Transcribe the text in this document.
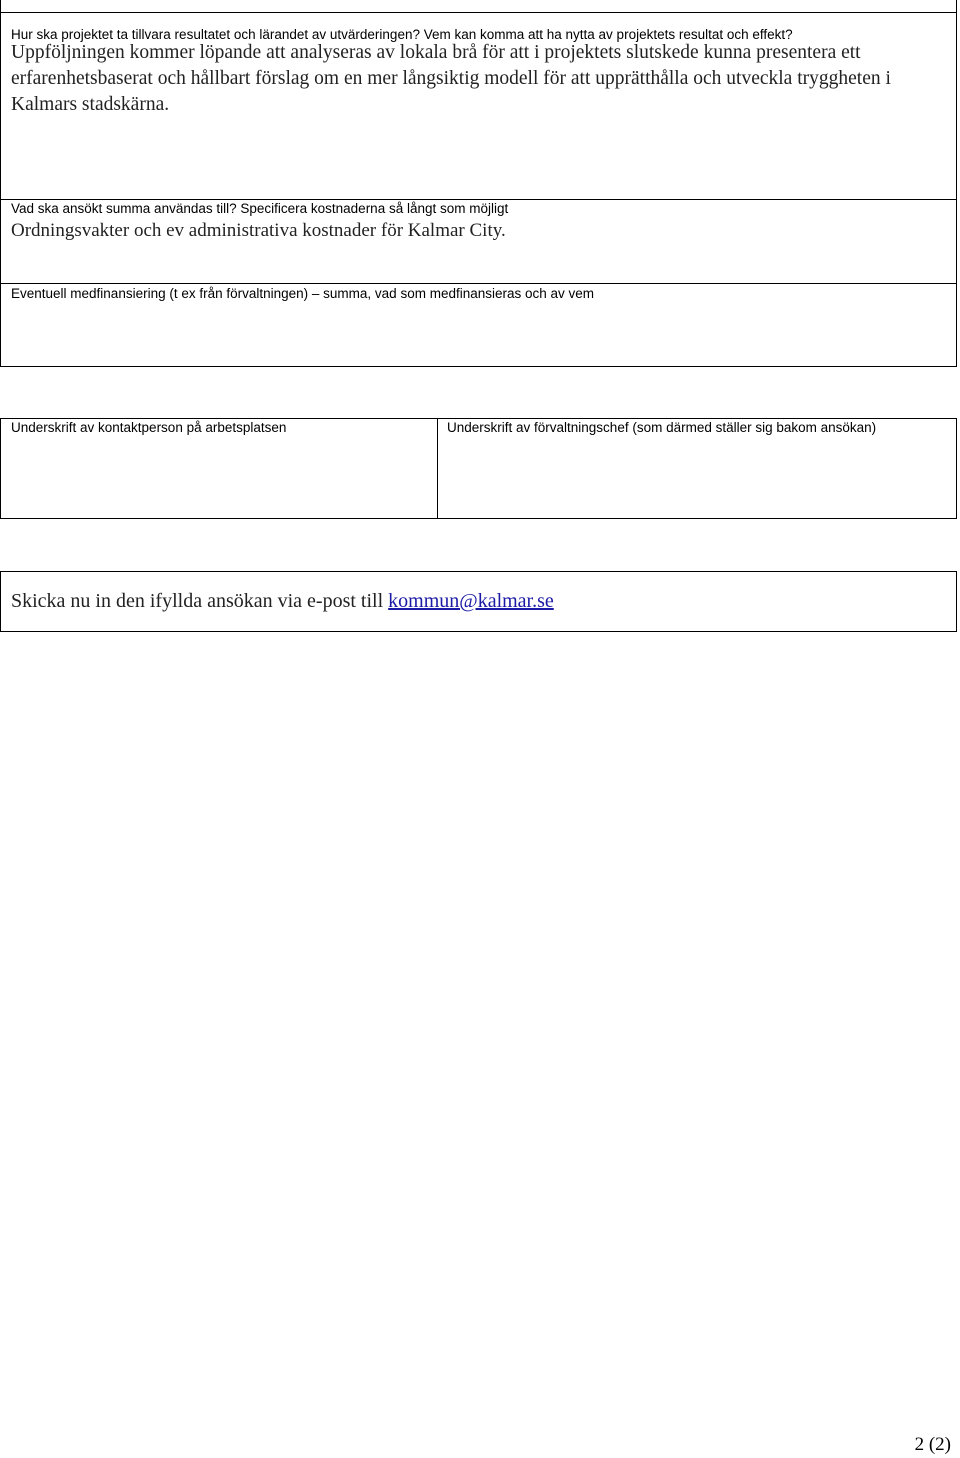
Hur ska projektet ta tillvara resultatet och lärandet av utvärderingen? Vem kan komma att ha nytta av projektets resultat och effekt?
Uppföljningen kommer löpande att analyseras av lokala brå för att i projektets slutskede kunna presentera ett erfarenhetsbaserat och hållbart förslag om en mer långsiktig modell för att upprätthålla och utveckla tryggheten i Kalmars stadskärna.
Vad ska ansökt summa användas till? Specificera kostnaderna så långt som möjligt
Ordningsvakter och ev administrativa kostnader för Kalmar City.
Eventuell medfinansiering (t ex från förvaltningen) – summa, vad som medfinansieras och av vem
Underskrift av kontaktperson på arbetsplatsen	Underskrift av förvaltningschef (som därmed ställer sig bakom ansökan)
Skicka nu in den ifyllda ansökan via e-post till kommun@kalmar.se
2 (2)
